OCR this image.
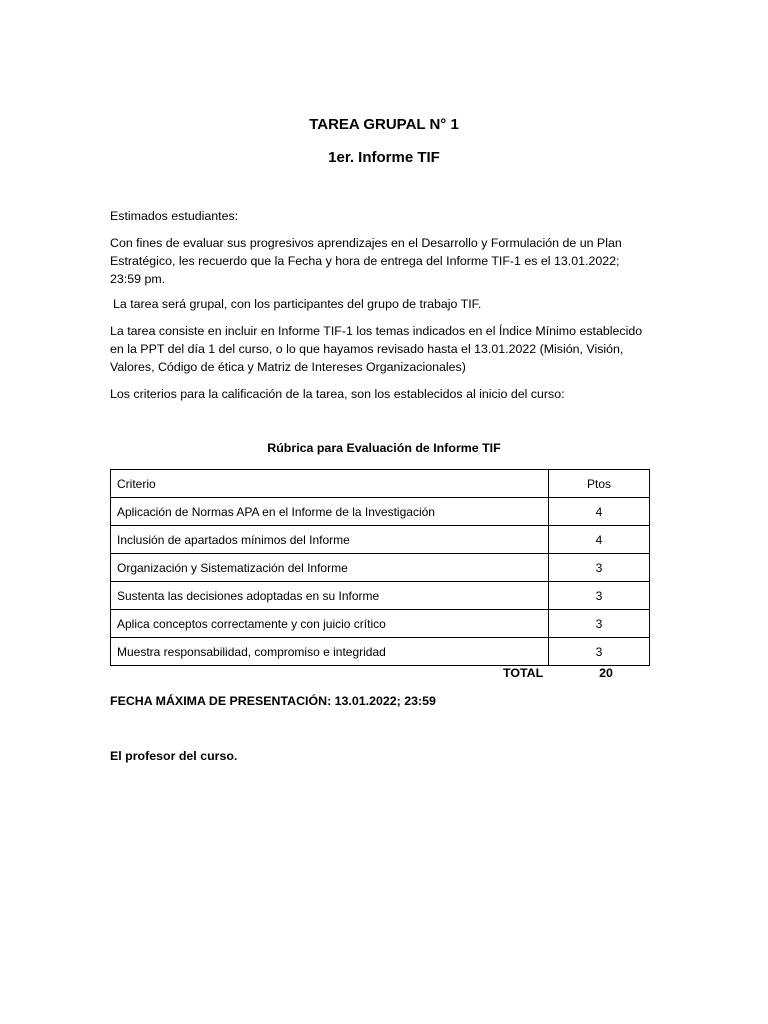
TAREA GRUPAL N° 1
1er. Informe TIF

Estimados estudiantes:

Con fines de evaluar sus progresivos aprendizajes en el Desarrollo y Formulación de un Plan Estratégico, les recuerdo que la Fecha y hora de entrega del Informe TIF-1 es el 13.01.2022; 23:59 pm.

La tarea será grupal, con los participantes del grupo de trabajo TIF.

La tarea consiste en incluir en Informe TIF-1 los temas indicados en el Índice Mínimo establecido en la PPT del día 1 del curso, o lo que hayamos revisado hasta el 13.01.2022 (Misión, Visión, Valores, Código de ética y Matriz de Intereses Organizacionales)

Los criterios para la calificación de la tarea, son los establecidos al inicio del curso:

Rúbrica para Evaluación de Informe TIF
Criterio	Ptos
Aplicación de Normas APA en el Informe de la Investigación	4
Inclusión de apartados mínimos del Informe	4
Organización y Sistematización del Informe	3
Sustenta las decisiones adoptadas en su Informe	3
Aplica conceptos correctamente y con juicio crítico	3
Muestra responsabilidad, compromiso e integridad	3
TOTAL	20
FECHA MÁXIMA DE PRESENTACIÓN: 13.01.2022; 23:59
El profesor del curso.
